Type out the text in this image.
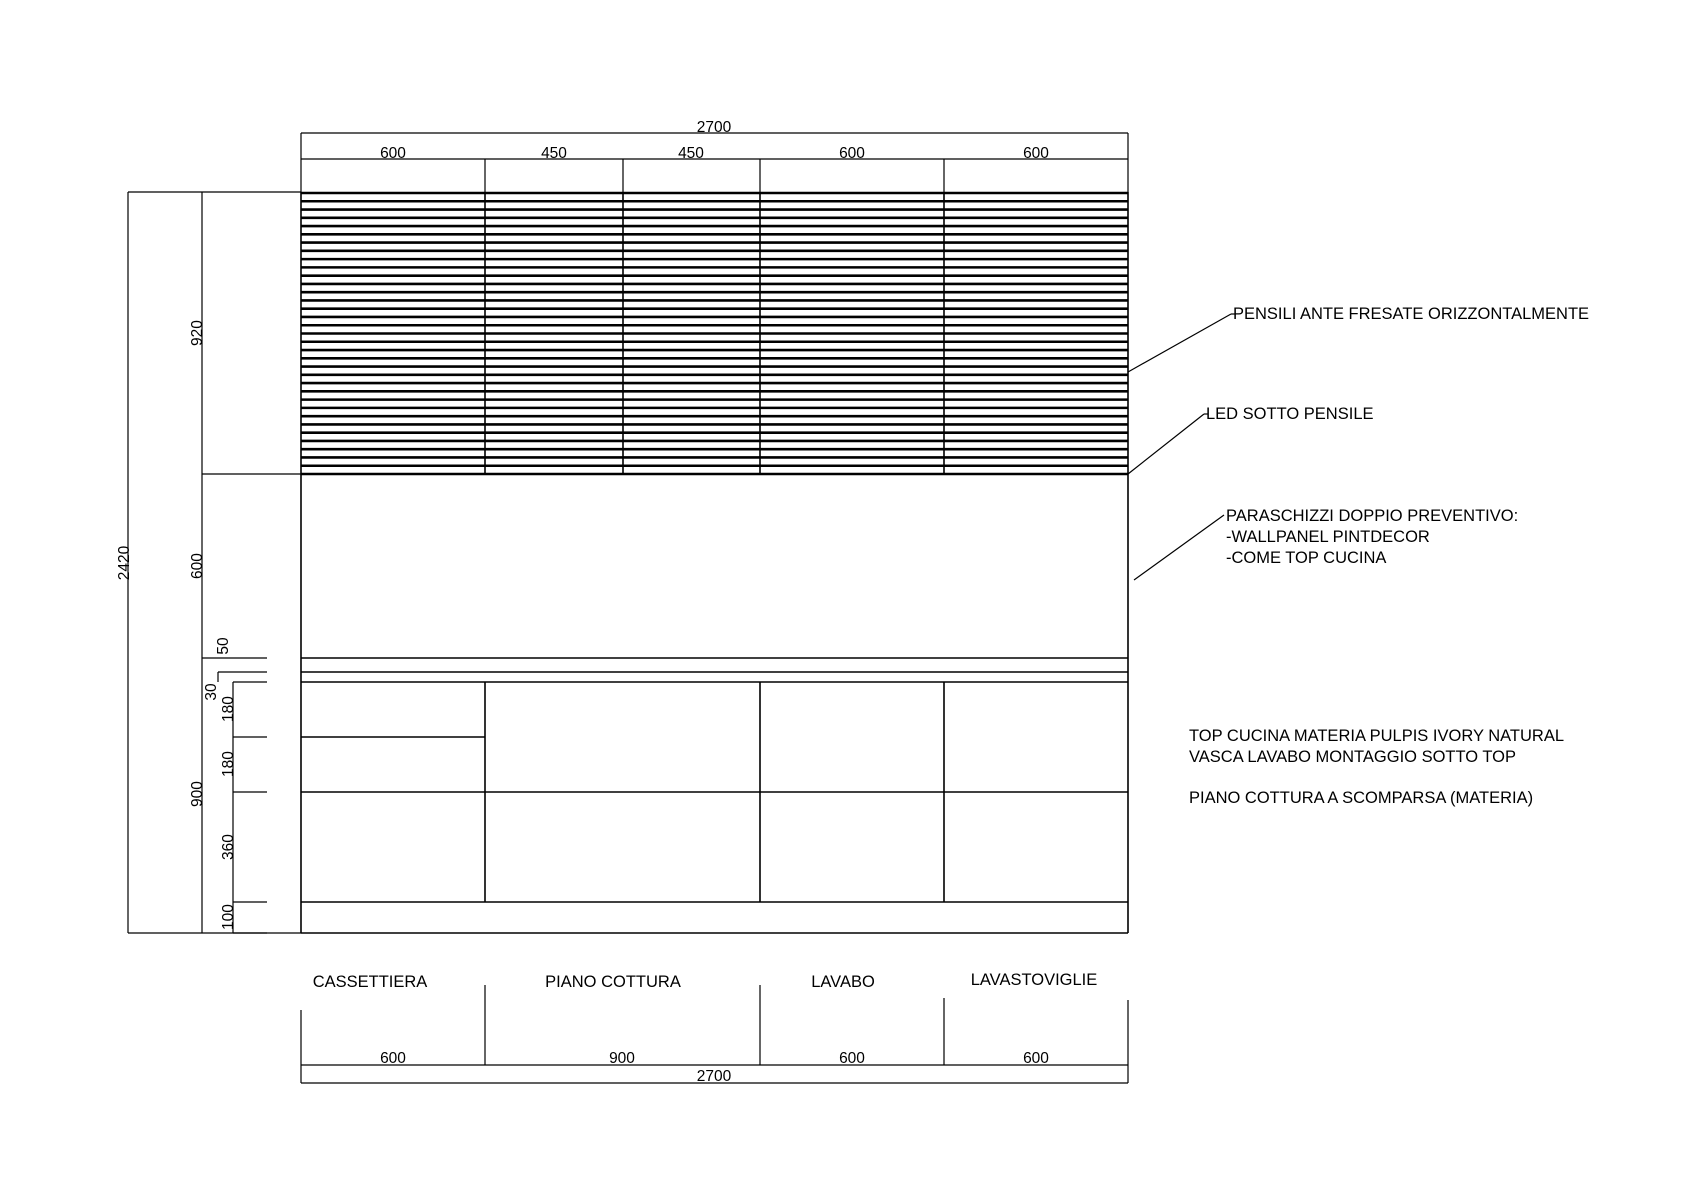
2700
600	450	450	600	600
2420
920
600
900
50
30
180
180
360
100
PENSILI ANTE FRESATE ORIZZONTALMENTE
LED SOTTO PENSILE
PARASCHIZZI DOPPIO PREVENTIVO:
-WALLPANEL PINTDECOR
-COME TOP CUCINA
TOP CUCINA MATERIA PULPIS IVORY NATURAL
VASCA LAVABO MONTAGGIO SOTTO TOP
PIANO COTTURA A SCOMPARSA (MATERIA)
CASSETTIERA	PIANO COTTURA	LAVABO	LAVASTOVIGLIE
600	900	600	600
2700
